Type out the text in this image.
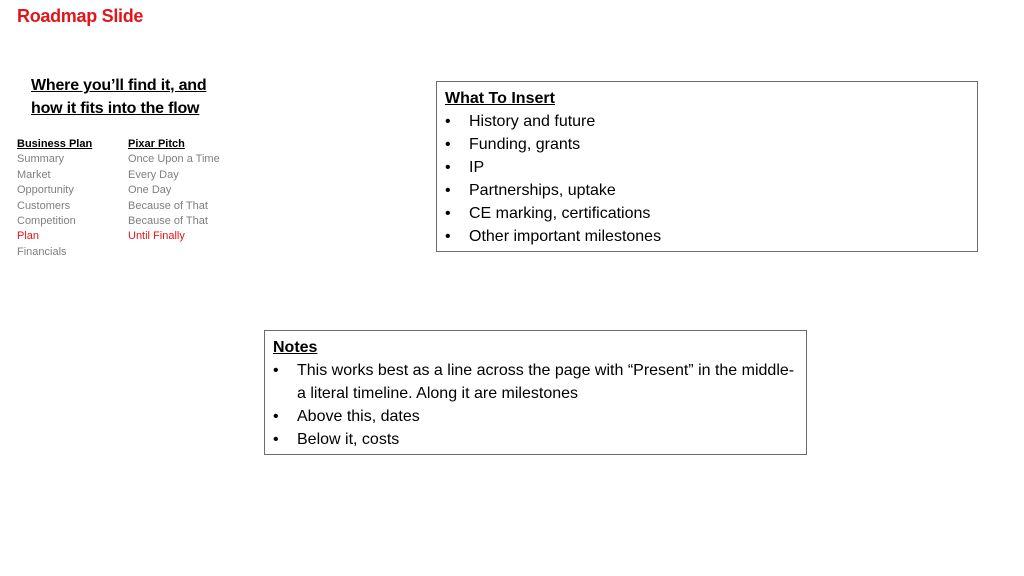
Roadmap Slide
Where you’ll find it, and
how it fits into the flow
Business Plan
Summary
Market
Opportunity
Customers
Competition
Plan
Financials
Pixar Pitch
Once Upon a Time
Every Day
One Day
Because of That
Because of That
Until Finally
What To Insert
• History and future
• Funding, grants
• IP
• Partnerships, uptake
• CE marking, certifications
• Other important milestones
Notes
• This works best as a line across the page with “Present” in the middle- a literal timeline. Along it are milestones
• Above this, dates
• Below it, costs
